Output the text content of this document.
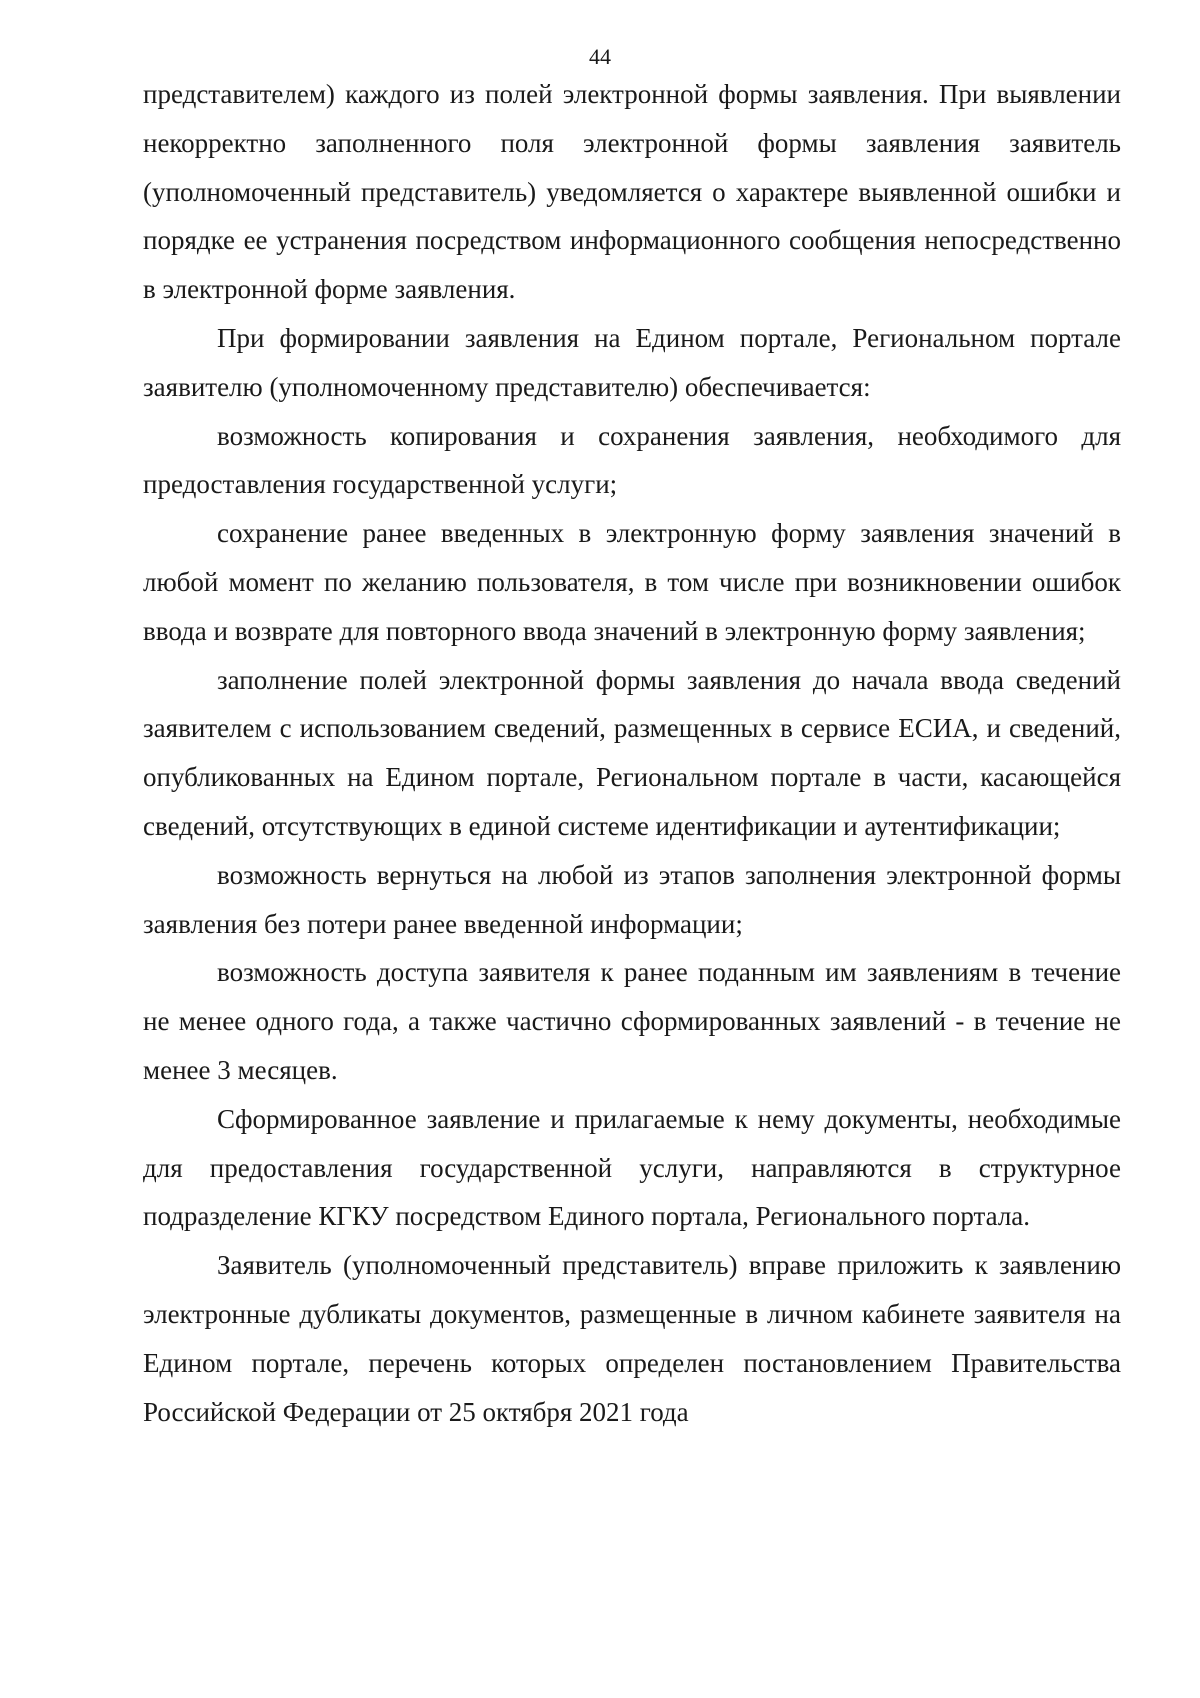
44

представителем) каждого из полей электронной формы заявления. При выявлении некорректно заполненного поля электронной формы заявления заявитель (уполномоченный представитель) уведомляется о характере выявленной ошибки и порядке ее устранения посредством информационного сообщения непосредственно в электронной форме заявления.

При формировании заявления на Едином портале, Региональном портале заявителю (уполномоченному представителю) обеспечивается:

возможность копирования и сохранения заявления, необходимого для предоставления государственной услуги;

сохранение ранее введенных в электронную форму заявления значений в любой момент по желанию пользователя, в том числе при возникновении ошибок ввода и возврате для повторного ввода значений в электронную форму заявления;

заполнение полей электронной формы заявления до начала ввода сведений заявителем с использованием сведений, размещенных в сервисе ЕСИА, и сведений, опубликованных на Едином портале, Региональном портале в части, касающейся сведений, отсутствующих в единой системе идентификации и аутентификации;

возможность вернуться на любой из этапов заполнения электронной формы заявления без потери ранее введенной информации;

возможность доступа заявителя к ранее поданным им заявлениям в течение не менее одного года, а также частично сформированных заявлений - в течение не менее 3 месяцев.

Сформированное заявление и прилагаемые к нему документы, необходимые для предоставления государственной услуги, направляются в структурное подразделение КГКУ посредством Единого портала, Регионального портала.

Заявитель (уполномоченный представитель) вправе приложить к заявлению электронные дубликаты документов, размещенные в личном кабинете заявителя на Едином портале, перечень которых определен постановлением Правительства Российской Федерации от 25 октября 2021 года
